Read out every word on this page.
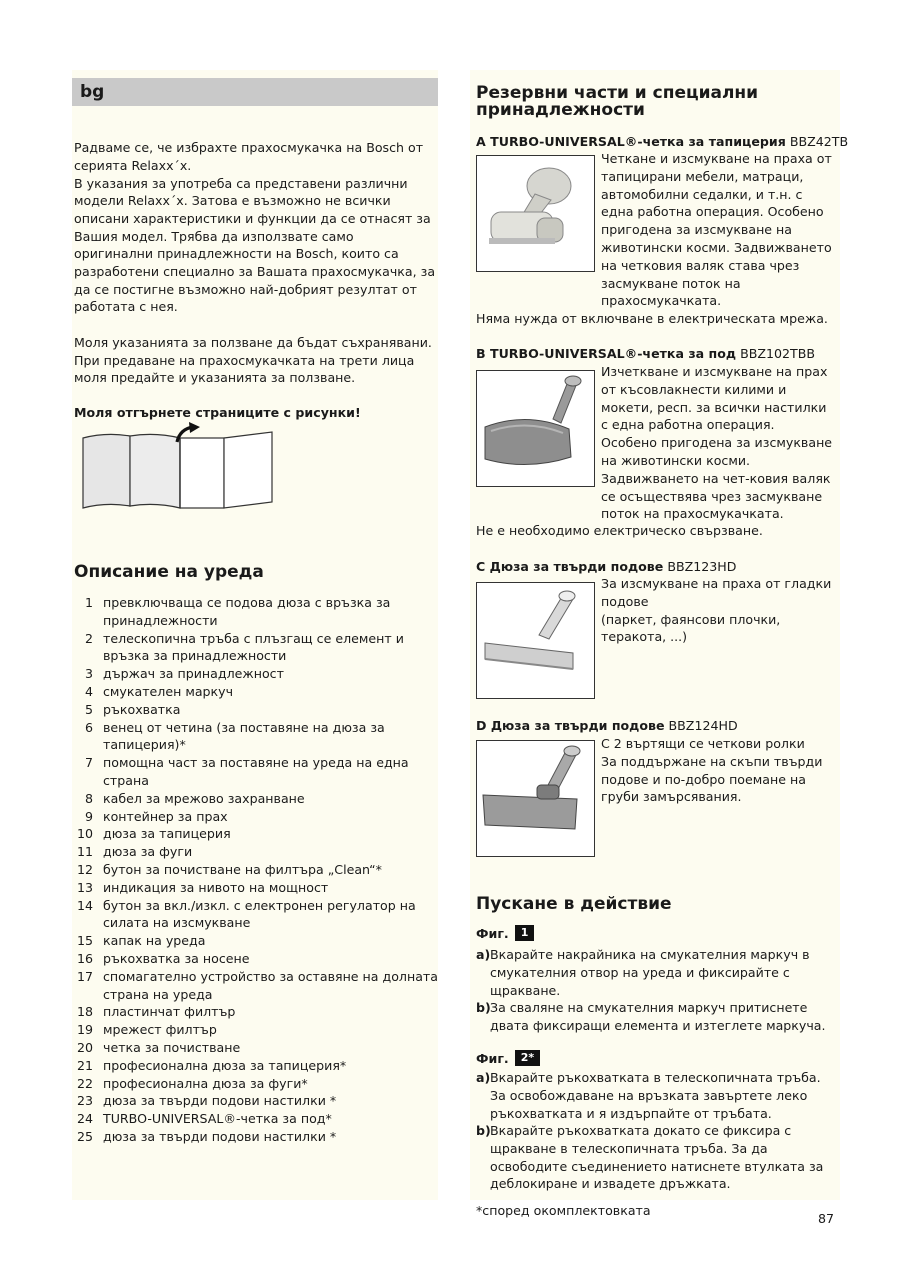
bg
Радваме се, че избрахте прахосмукачка на Bosch от
серията Relaxx´x.
В указания за употреба са представени различни
модели Relaxx´x. Затова е възможно не всички
описани характеристики и функции да се отнасят за
Вашия модел. Трябва да използвате само
оригинални принадлежности на Bosch, които са
разработени специално за Вашата прахосмукачка, за
да се постигне възможно най-добрият резултат от
работата с нея.
Моля указанията за ползване да бъдат съхранявани.
При предаване на прахосмукачката на трети лица
моля предайте и указанията за ползване.
Моля отгърнете страниците с рисунки!
Описание на уреда
1 превключваща се подова дюза с връзка за принадлежности
2 телескопична тръба с плъзгащ се елемент и връзка за принадлежности
3 държач за принадлежност
4 смукателен маркуч
5 ръкохватка
6 венец от четина (за поставяне на дюза за тапицерия)*
7 помощна част за поставяне на уреда на една страна
8 кабел за мрежово захранване
9 контейнер за прах
10 дюза за тапицерия
11 дюза за фуги
12 бутон за почистване на филтъра „Clean“*
13 индикация за нивото на мощност
14 бутон за вкл./изкл. с електронен регулатор на силата на изсмукване
15 капак на уреда
16 ръкохватка за носене
17 спомагателно устройство за оставяне на долната страна на уреда
18 пластинчат филтър
19 мрежест филтър
20 четка за почистване
21 професионална дюза за тапицерия*
22 професионална дюза за фуги*
23 дюза за твърди подови настилки *
24 TURBO-UNIVERSAL®-четка за под*
25 дюза за твърди подови настилки *
Резервни части и специални
принадлежности
A TURBO-UNIVERSAL®-четка за тапицерия BBZ42TB
Четкане и изсмукване на праха от
тапицирани мебели, матраци,
автомобилни седалки, и т.н. с
една работна операция. Особено
пригодена за изсмукване на
животински косми. Задвижването
на четковия валяк става чрез
засмукване поток на
прахосмукачката.
Няма нужда от включване в електрическата мрежа.
B TURBO-UNIVERSAL®-четка за под BBZ102TBB
Изчеткване и изсмукване на прах
от късовлакнести килими и
мокети, респ. за всички настилки
с една работна операция.
Особено пригодена за изсмукване
на животински косми.
Задвижването на чет-ковия валяк
се осъществява чрез засмукване
поток на прахосмукачката.
Не е необходимо електрическо свързване.
C Дюза за твърди подове BBZ123HD
За изсмукване на праха от гладки
подове
(паркет, фаянсови плочки,
теракота, ...)
D Дюза за твърди подове BBZ124HD
С 2 въртящи се четкови ролки
За поддържане на скъпи твърди
подове и по-добро поемане на
груби замърсявания.
Пускане в действие
Фиг.	1
a) Вкарайте накрайника на смукателния маркуч в смукателния отвор на уреда и фиксирайте с щракване.
b) За сваляне на смукателния маркуч притиснете двата фиксиращи елемента и изтеглете маркуча.
Фиг.	2*
a) Вкарайте ръкохватката в телескопичната тръба. За освобождаване на връзката завъртете леко ръкохватката и я издърпайте от тръбата.
b) Вкарайте ръкохватката докато се фиксира с щракване в телескопичната тръба. За да освободите съединението натиснете втулката за деблокиране и извадете дръжката.
*според окомплектовката
87
